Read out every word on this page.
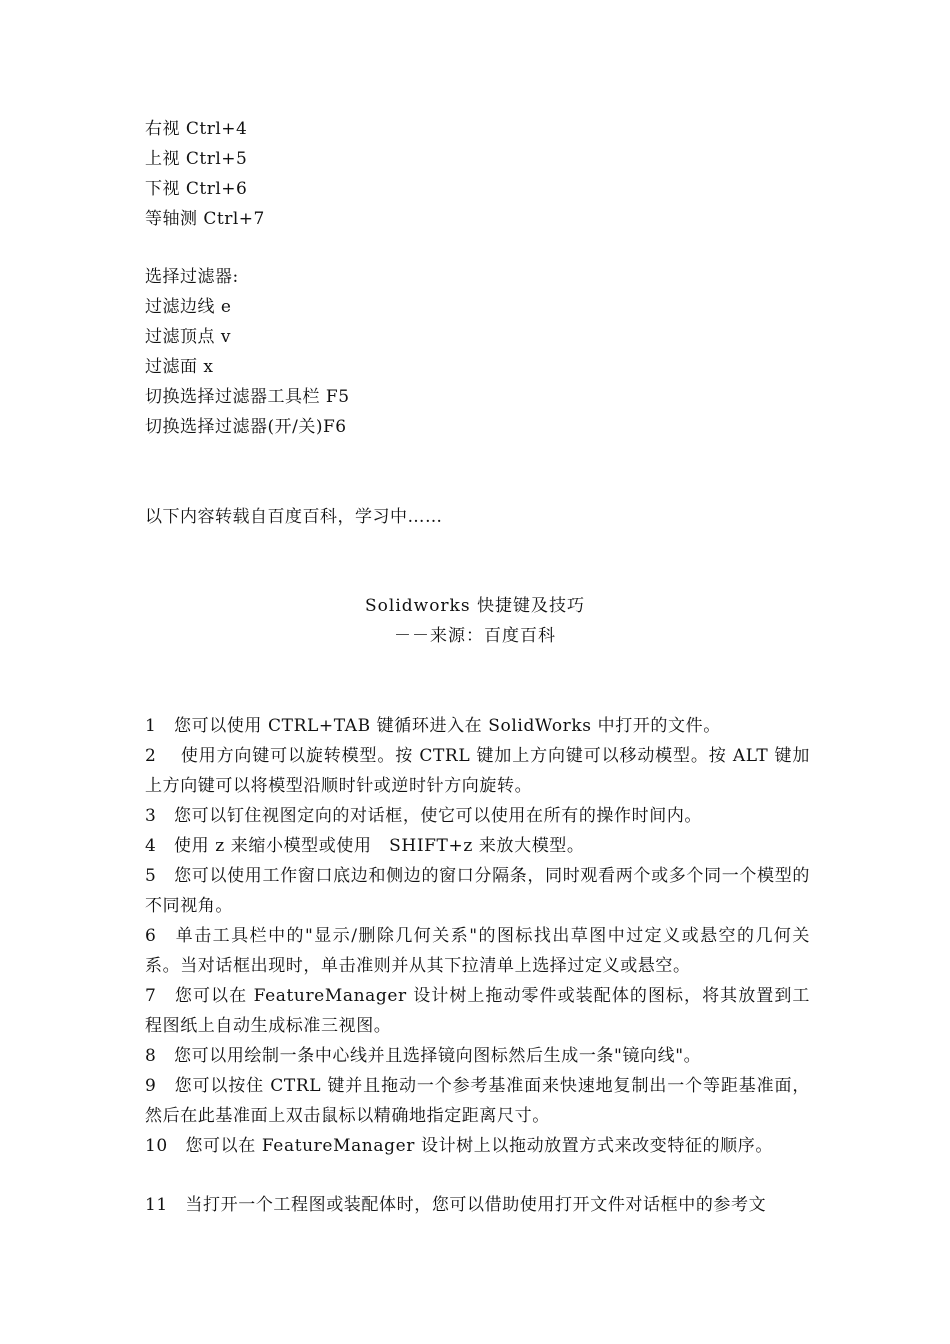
右视 Ctrl+4
上视 Ctrl+5
下视 Ctrl+6
等轴测 Ctrl+7
选择过滤器:
过滤边线 e
过滤顶点 v
过滤面 x
切换选择过滤器工具栏 F5
切换选择过滤器(开/关)F6
以下内容转载自百度百科，学习中……
Solidworks 快捷键及技巧
－－来源：百度百科
1　您可以使用 CTRL+TAB 键循环进入在 SolidWorks 中打开的文件。
2　 使用方向键可以旋转模型。按 CTRL 键加上方向键可以移动模型。按 ALT 键加上方向键可以将模型沿顺时针或逆时针方向旋转。
3　您可以钉住视图定向的对话框，使它可以使用在所有的操作时间内。
4　使用 z 来缩小模型或使用　SHIFT+z 来放大模型。
5　您可以使用工作窗口底边和侧边的窗口分隔条，同时观看两个或多个同一个模型的不同视角。
6　单击工具栏中的"显示/删除几何关系"的图标找出草图中过定义或悬空的几何关系。当对话框出现时，单击准则并从其下拉清单上选择过定义或悬空。
7　您可以在 FeatureManager 设计树上拖动零件或装配体的图标，将其放置到工程图纸上自动生成标准三视图。
8　您可以用绘制一条中心线并且选择镜向图标然后生成一条"镜向线"。
9　您可以按住 CTRL 键并且拖动一个参考基准面来快速地复制出一个等距基准面，然后在此基准面上双击鼠标以精确地指定距离尺寸。
10　您可以在 FeatureManager 设计树上以拖动放置方式来改变特征的顺序。
11　当打开一个工程图或装配体时，您可以借助使用打开文件对话框中的参考文
